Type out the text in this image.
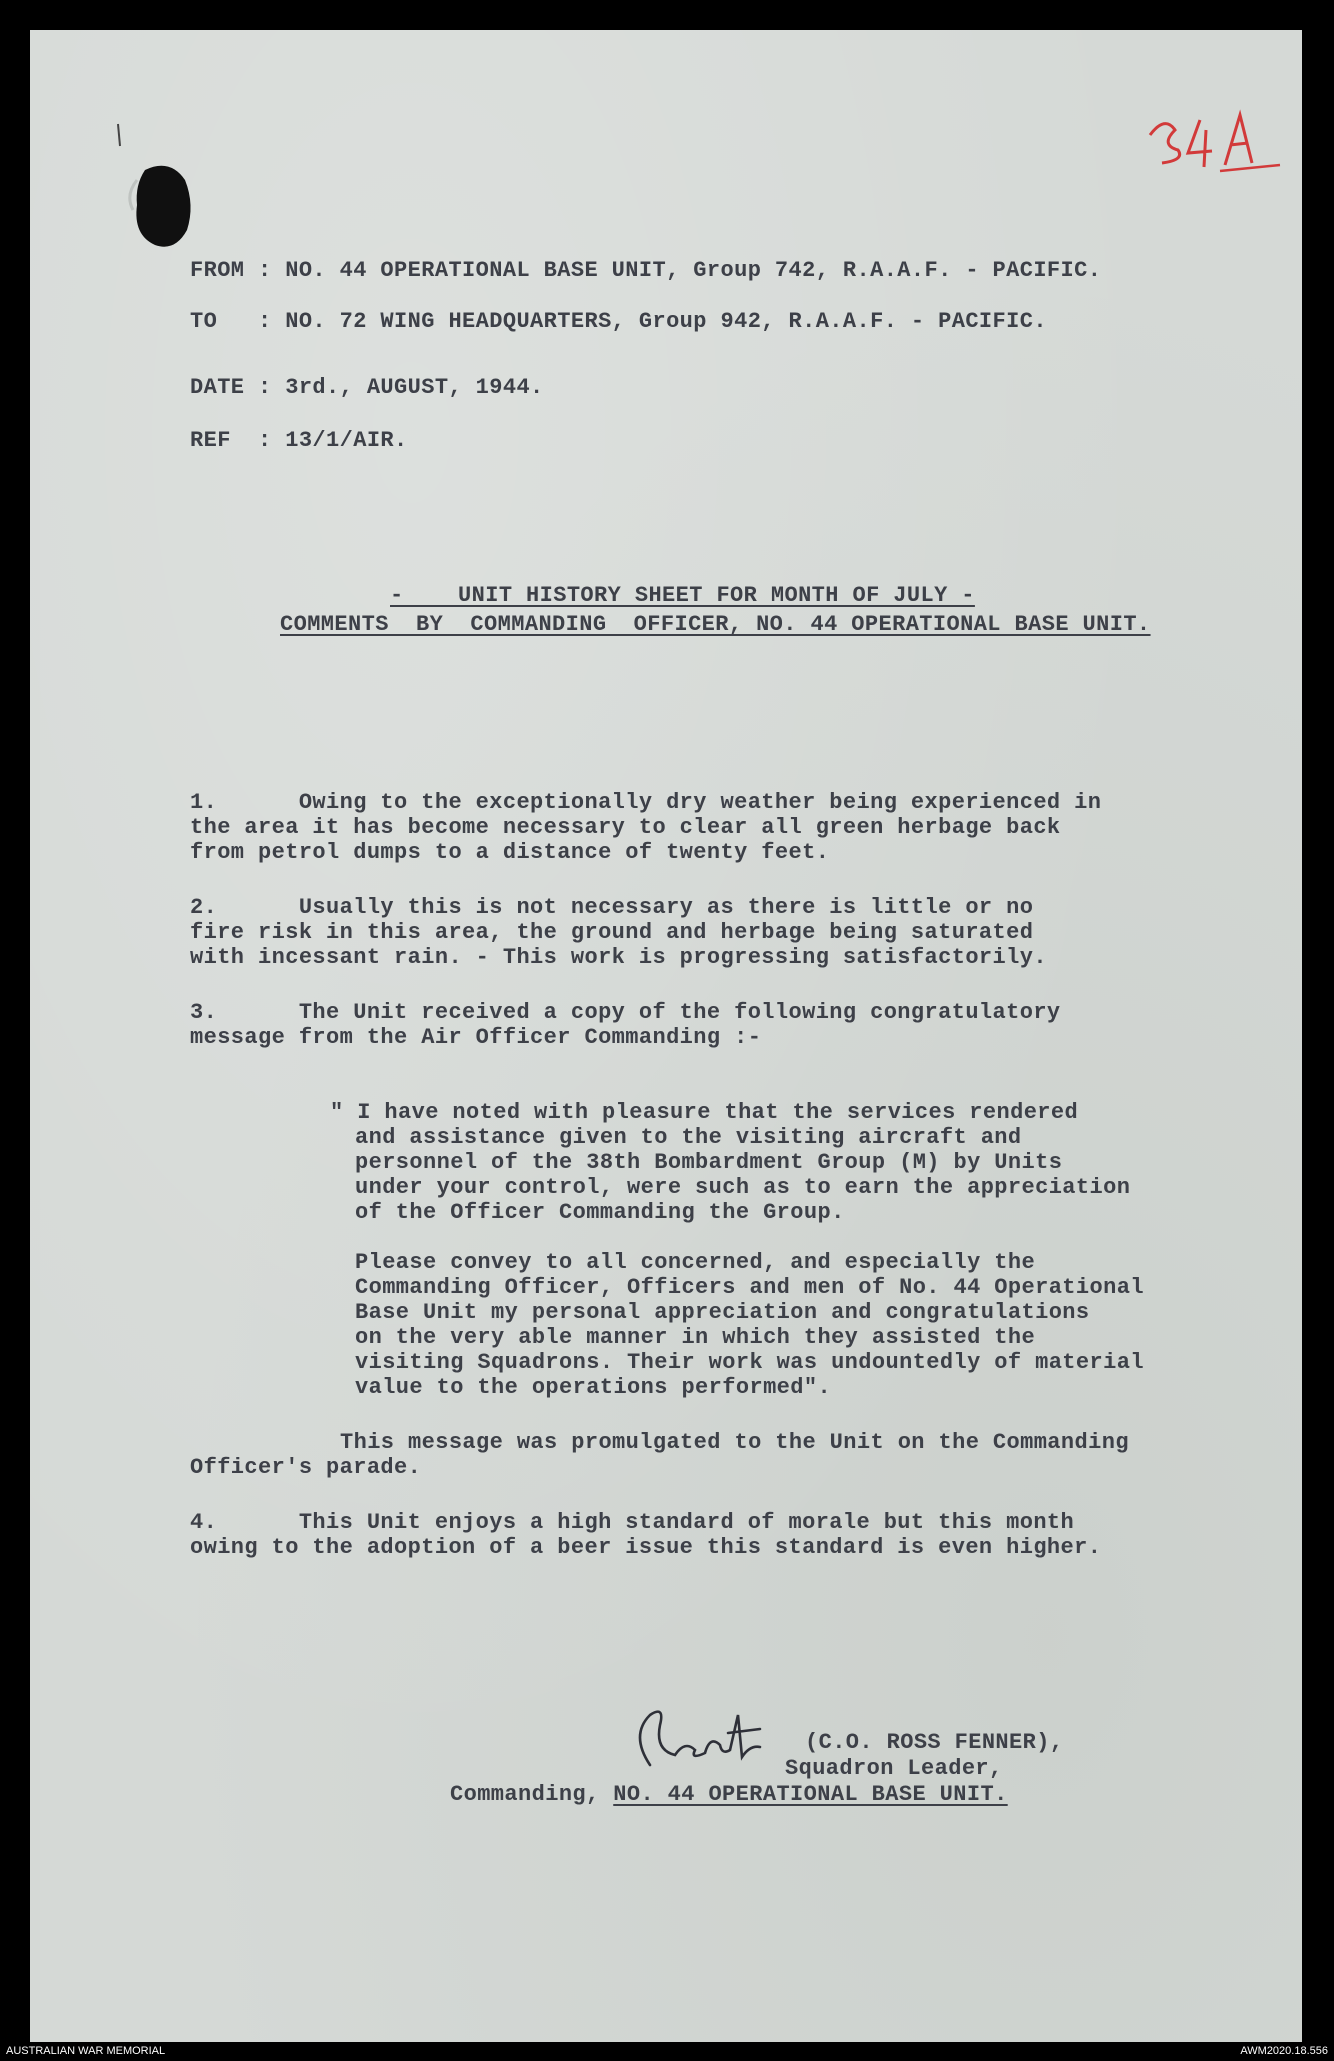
FROM : NO. 44 OPERATIONAL BASE UNIT, Group 742, R.A.A.F. - PACIFIC.
TO   : NO. 72 WING HEADQUARTERS, Group 942, R.A.A.F. - PACIFIC.
DATE : 3rd., AUGUST, 1944.
REF  : 13/1/AIR.
-    UNIT HISTORY SHEET FOR MONTH OF JULY -
COMMENTS  BY  COMMANDING  OFFICER, NO. 44 OPERATIONAL BASE UNIT.
1.      Owing to the exceptionally dry weather being experienced in
the area it has become necessary to clear all green herbage back
from petrol dumps to a distance of twenty feet.
2.      Usually this is not necessary as there is little or no
fire risk in this area, the ground and herbage being saturated
with incessant rain. - This work is progressing satisfactorily.
3.      The Unit received a copy of the following congratulatory
message from the Air Officer Commanding :-
" I have noted with pleasure that the services rendered
and assistance given to the visiting aircraft and
personnel of the 38th Bombardment Group (M) by Units
under your control, were such as to earn the appreciation
of the Officer Commanding the Group.
Please convey to all concerned, and especially the
Commanding Officer, Officers and men of No. 44 Operational
Base Unit my personal appreciation and congratulations
on the very able manner in which they assisted the
visiting Squadrons. Their work was undountedly of material
value to the operations performed".
This message was promulgated to the Unit on the Commanding
Officer's parade.
4.      This Unit enjoys a high standard of morale but this month
owing to the adoption of a beer issue this standard is even higher.
(C.O. ROSS FENNER),
Squadron Leader,
Commanding, NO. 44 OPERATIONAL BASE UNIT.
AUSTRALIAN WAR MEMORIAL	AWM2020.18.556
